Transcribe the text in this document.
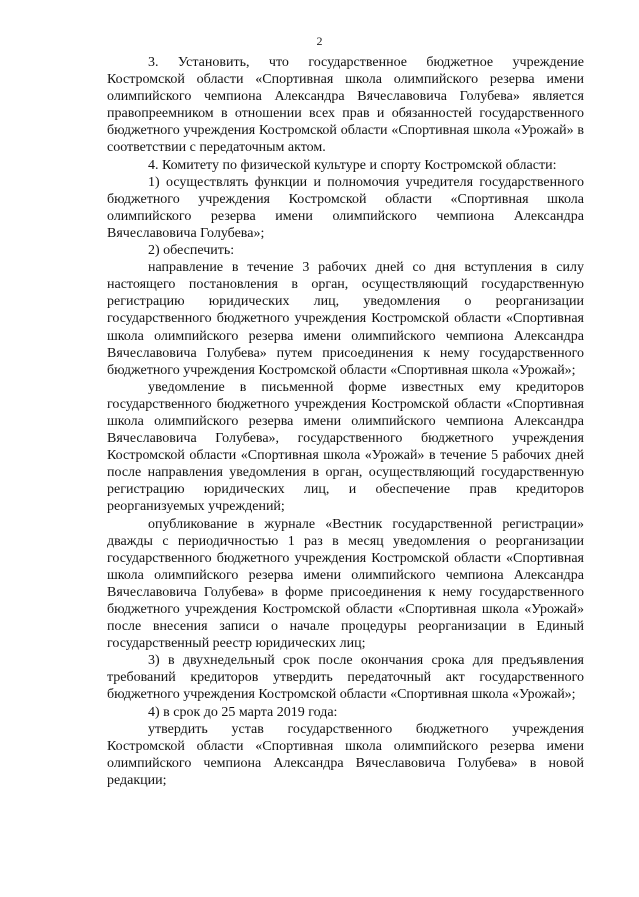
2

3. Установить, что государственное бюджетное учреждение Костромской области «Спортивная школа олимпийского резерва имени олимпийского чемпиона Александра Вячеславовича Голубева» является правопреемником в отношении всех прав и обязанностей государственного бюджетного учреждения Костромской области «Спортивная школа «Урожай» в соответствии с передаточным актом.

4. Комитету по физической культуре и спорту Костромской области:

1) осуществлять функции и полномочия учредителя государственного бюджетного учреждения Костромской области «Спортивная школа олимпийского резерва имени олимпийского чемпиона Александра Вячеславовича Голубева»;

2) обеспечить:

направление в течение 3 рабочих дней со дня вступления в силу настоящего постановления в орган, осуществляющий государственную регистрацию юридических лиц, уведомления о реорганизации государственного бюджетного учреждения Костромской области «Спортивная школа олимпийского резерва имени олимпийского чемпиона Александра Вячеславовича Голубева» путем присоединения к нему государственного бюджетного учреждения Костромской области «Спортивная школа «Урожай»;

уведомление в письменной форме известных ему кредиторов государственного бюджетного учреждения Костромской области «Спортивная школа олимпийского резерва имени олимпийского чемпиона Александра Вячеславовича Голубева», государственного бюджетного учреждения Костромской области «Спортивная школа «Урожай» в течение 5 рабочих дней после направления уведомления в орган, осуществляющий государственную регистрацию юридических лиц, и обеспечение прав кредиторов реорганизуемых учреждений;

опубликование в журнале «Вестник государственной регистрации» дважды с периодичностью 1 раз в месяц уведомления о реорганизации государственного бюджетного учреждения Костромской области «Спортивная школа олимпийского резерва имени олимпийского чемпиона Александра Вячеславовича Голубева» в форме присоединения к нему государственного бюджетного учреждения Костромской области «Спортивная школа «Урожай» после внесения записи о начале процедуры реорганизации в Единый государственный реестр юридических лиц;

3) в двухнедельный срок после окончания срока для предъявления требований кредиторов утвердить передаточный акт государственного бюджетного учреждения Костромской области «Спортивная школа «Урожай»;

4) в срок до 25 марта 2019 года:

утвердить устав государственного бюджетного учреждения Костромской области «Спортивная школа олимпийского резерва имени олимпийского чемпиона Александра Вячеславовича Голубева» в новой редакции;
